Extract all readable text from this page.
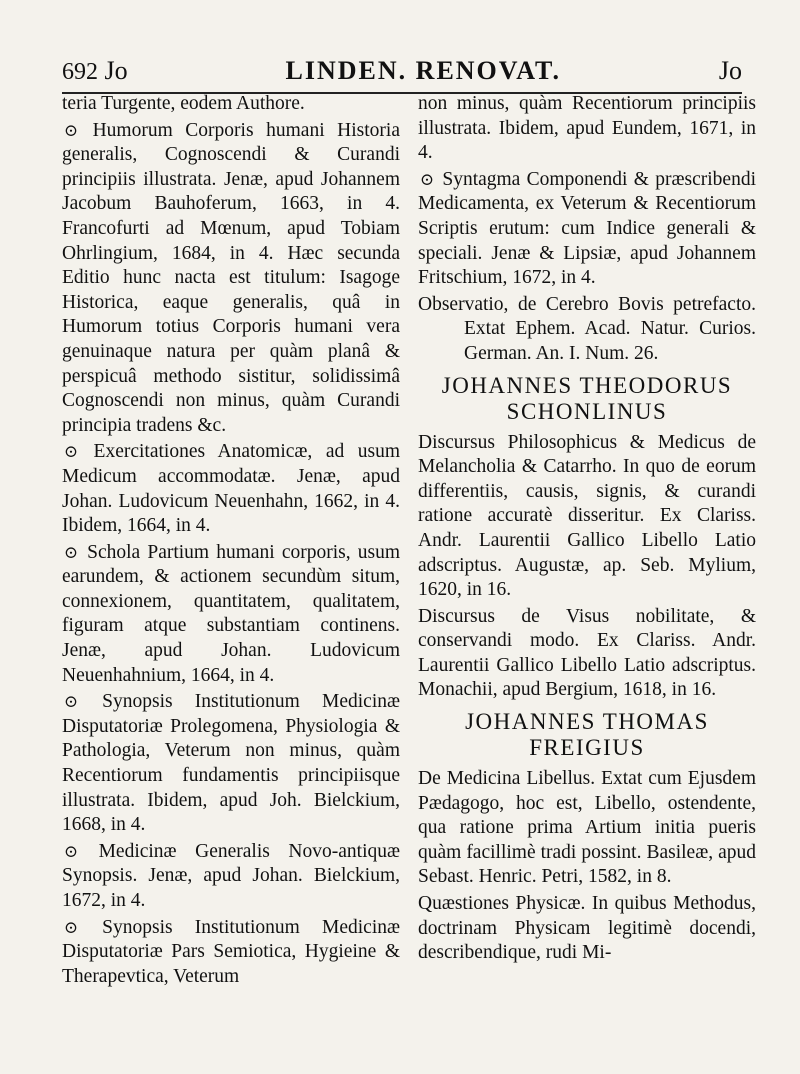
692 Jo	LINDEN. RENOVAT.	Jo

teria Turgente, eodem Authore.

⊙ Humorum Corporis humani Historia generalis, Cognoscendi & Curandi principiis illustrata. Jenæ, apud Johannem Jacobum Bauhoferum, 1663, in 4. Francofurti ad Mœnum, apud Tobiam Ohrlingium, 1684, in 4. Hæc secunda Editio hunc nacta est titulum: Isagoge Historica, eaque generalis, quâ in Humorum totius Corporis humani vera genuinaque natura per quàm planâ & perspicuâ methodo sistitur, solidissimâ Cognoscendi non minus, quàm Curandi principia tradens &c.

⊙ Exercitationes Anatomicæ, ad usum Medicum accommodatæ. Jenæ, apud Johan. Ludovicum Neuenhahn, 1662, in 4. Ibidem, 1664, in 4.

⊙ Schola Partium humani corporis, usum earundem, & actionem secundùm situm, connexionem, quantitatem, qualitatem, figuram atque substantiam continens. Jenæ, apud Johan. Ludovicum Neuenhahnium, 1664, in 4.

⊙ Synopsis Institutionum Medicinæ Disputatoriæ Prolegomena, Physiologia & Pathologia, Veterum non minus, quàm Recentiorum fundamentis principiisque illustrata. Ibidem, apud Joh. Bielckium, 1668, in 4.

⊙ Medicinæ Generalis Novo-antiquæ Synopsis. Jenæ, apud Johan. Bielckium, 1672, in 4.

⊙ Synopsis Institutionum Medicinæ Disputatoriæ Pars Semiotica, Hygieine & Therapevtica, Veterum

non minus, quàm Recentiorum principiis illustrata. Ibidem, apud Eundem, 1671, in 4.

⊙ Syntagma Componendi & præscribendi Medicamenta, ex Veterum & Recentiorum Scriptis erutum: cum Indice generali & speciali. Jenæ & Lipsiæ, apud Johannem Fritschium, 1672, in 4.

Observatio, de Cerebro Bovis petrefacto. Extat Ephem. Acad. Natur. Curios. German. An. I. Num. 26.

JOHANNES THEODORUS
SCHONLINUS

Discursus Philosophicus & Medicus de Melancholia & Catarrho. In quo de eorum differentiis, causis, signis, & curandi ratione accuratè disseritur. Ex Clariss. Andr. Laurentii Gallico Libello Latio adscriptus. Augustæ, ap. Seb. Mylium, 1620, in 16.

Discursus de Visus nobilitate, & conservandi modo. Ex Clariss. Andr. Laurentii Gallico Libello Latio adscriptus. Monachii, apud Bergium, 1618, in 16.

JOHANNES THOMAS
FREIGIUS

De Medicina Libellus. Extat cum Ejusdem Pædagogo, hoc est, Libello, ostendente, qua ratione prima Artium initia pueris quàm facillimè tradi possint. Basileæ, apud Sebast. Henric. Petri, 1582, in 8.

Quæstiones Physicæ. In quibus Methodus, doctrinam Physicam legitimè docendi, describendique, rudi Mi-
